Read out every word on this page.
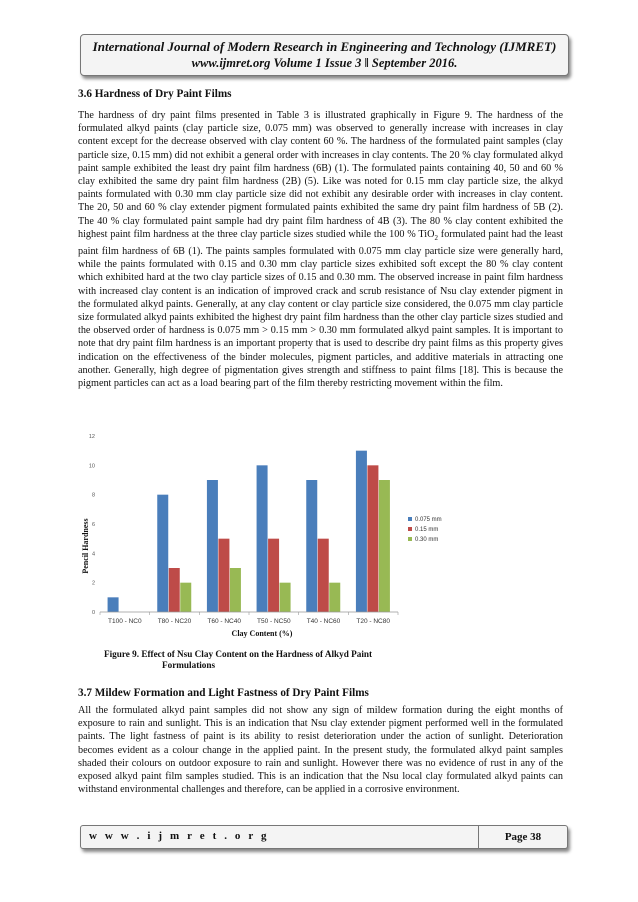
International Journal of Modern Research in Engineering and Technology (IJMRET)
www.ijmret.org Volume 1 Issue 3 ǁ September 2016.
3.6 Hardness of Dry Paint Films

The hardness of dry paint films presented in Table 3 is illustrated graphically in Figure 9. The hardness of the formulated alkyd paints (clay particle size, 0.075 mm) was observed to generally increase with increases in clay content except for the decrease observed with clay content 60 %. The hardness of the formulated paint samples (clay particle size, 0.15 mm) did not exhibit a general order with increases in clay contents. The 20 % clay formulated alkyd paint sample exhibited the least dry paint film hardness (6B) (1). The formulated paints containing 40, 50 and 60 % clay exhibited the same dry paint film hardness (2B) (5). Like was noted for 0.15 mm clay particle size, the alkyd paints formulated with 0.30 mm clay particle size did not exhibit any desirable order with increases in clay content. The 20, 50 and 60 % clay extender pigment formulated paints exhibited the same dry paint film hardness of 5B (2). The 40 % clay formulated paint sample had dry paint film hardness of 4B (3). The 80 % clay content exhibited the highest paint film hardness at the three clay particle sizes studied while the 100 % TiO$_2$ formulated paint had the least paint film hardness of 6B (1). The paints samples formulated with 0.075 mm clay particle size were generally hard, while the paints formulated with 0.15 and 0.30 mm clay particle sizes exhibited soft except the 80 % clay content which exhibited hard at the two clay particle sizes of 0.15 and 0.30 mm. The observed increase in paint film hardness with increased clay content is an indication of improved crack and scrub resistance of Nsu clay extender pigment in the formulated alkyd paints. Generally, at any clay content or clay particle size considered, the 0.075 mm clay particle size formulated alkyd paints exhibited the highest dry paint film hardness than the other clay particle sizes studied and the observed order of hardness is 0.075 mm > 0.15 mm > 0.30 mm formulated alkyd paint samples. It is important to note that dry paint film hardness is an important property that is used to describe dry paint films as this property gives indication on the effectiveness of the binder molecules, pigment particles, and additive materials in attracting one another. Generally, high degree of pigmentation gives strength and stiffness to paint films [18]. This is because the pigment particles can act as a load bearing part of the film thereby restricting movement within the film.

0
2
4
6
8
10
12
T100 - NC0 T80 - NC20 T60 - NC40 T50 - NC50 T40 - NC60 T20 - NC80
0.075 mm
0.15 mm
0.30 mm
Pencil Hardness
Clay Content (%)
Figure 9. Effect of Nsu Clay Content on the Hardness of Alkyd Paint
Formulations
3.7 Mildew Formation and Light Fastness of Dry Paint Films

All the formulated alkyd paint samples did not show any sign of mildew formation during the eight months of exposure to rain and sunlight. This is an indication that Nsu clay extender pigment performed well in the formulated paints. The light fastness of paint is its ability to resist deterioration under the action of sunlight. Deterioration becomes evident as a colour change in the applied paint. In the present study, the formulated alkyd paint samples shaded their colours on outdoor exposure to rain and sunlight. However there was no evidence of rust in any of the exposed alkyd paint film samples studied. This is an indication that the Nsu local clay formulated alkyd paints can withstand environmental challenges and therefore, can be applied in a corrosive environment.

w w w . i j m r e t . o r g	Page 38
